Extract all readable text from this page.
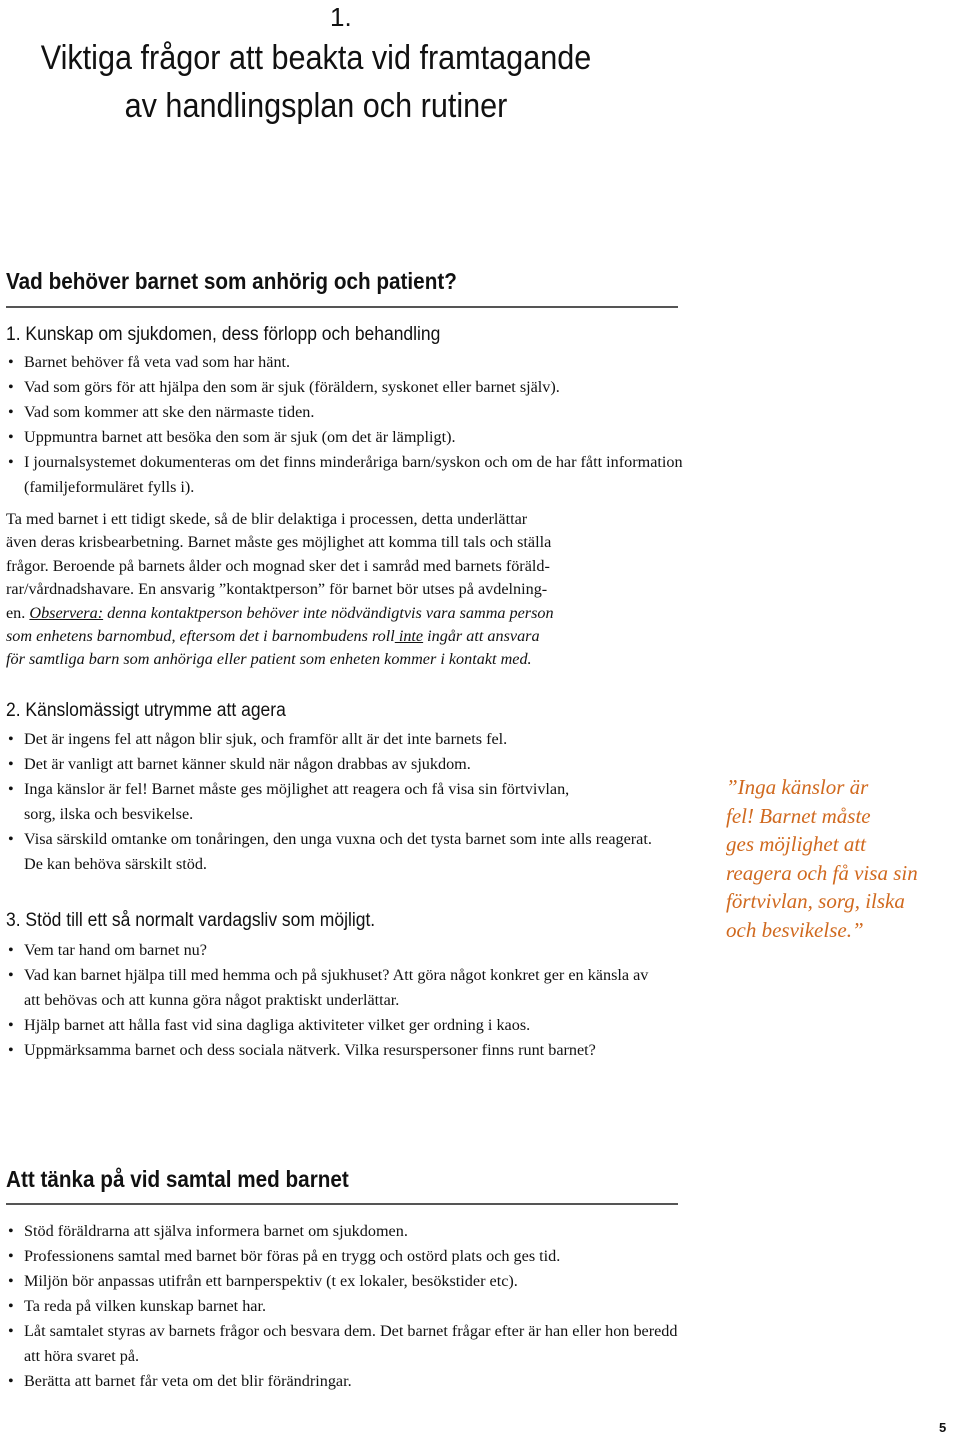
1.
Viktiga frågor att beakta vid framtagande
av handlingsplan och rutiner
Vad behöver barnet som anhörig och patient?
1. Kunskap om sjukdomen, dess förlopp och behandling
• Barnet behöver få veta vad som har hänt.
• Vad som görs för att hjälpa den som är sjuk (föräldern, syskonet eller barnet själv).
• Vad som kommer att ske den närmaste tiden.
• Uppmuntra barnet att besöka den som är sjuk (om det är lämpligt).
• I journalsystemet dokumenteras om det finns minderåriga barn/syskon och om de har fått information (familjeformuläret fylls i).
Ta med barnet i ett tidigt skede, så de blir delaktiga i processen, detta underlättar
även deras krisbearbetning. Barnet måste ges möjlighet att komma till tals och ställa
frågor. Beroende på barnets ålder och mognad sker det i samråd med barnets föräld-
rar/vårdnadshavare. En ansvarig ”kontaktperson” för barnet bör utses på avdelning-
en. Observera: denna kontaktperson behöver inte nödvändigtvis vara samma person
som enhetens barnombud, eftersom det i barnombudens roll inte ingår att ansvara
för samtliga barn som anhöriga eller patient som enheten kommer i kontakt med.
2. Känslomässigt utrymme att agera
• Det är ingens fel att någon blir sjuk, och framför allt är det inte barnets fel.
• Det är vanligt att barnet känner skuld när någon drabbas av sjukdom.
• Inga känslor är fel! Barnet måste ges möjlighet att reagera och få visa sin förtvivlan, sorg, ilska och besvikelse.
• Visa särskild omtanke om tonåringen, den unga vuxna och det tysta barnet som inte alls reagerat. De kan behöva särskilt stöd.
3. Stöd till ett så normalt vardagsliv som möjligt.
• Vem tar hand om barnet nu?
• Vad kan barnet hjälpa till med hemma och på sjukhuset? Att göra något konkret ger en känsla av att behövas och att kunna göra något praktiskt underlättar.
• Hjälp barnet att hålla fast vid sina dagliga aktiviteter vilket ger ordning i kaos.
• Uppmärksamma barnet och dess sociala nätverk. Vilka resurspersoner finns runt barnet?
”Inga känslor är
fel! Barnet måste
ges möjlighet att
reagera och få visa sin
förtvivlan, sorg, ilska
och besvikelse.”
Att tänka på vid samtal med barnet
• Stöd föräldrarna att själva informera barnet om sjukdomen.
• Professionens samtal med barnet bör föras på en trygg och ostörd plats och ges tid.
• Miljön bör anpassas utifrån ett barnperspektiv (t ex lokaler, besökstider etc).
• Ta reda på vilken kunskap barnet har.
• Låt samtalet styras av barnets frågor och besvara dem. Det barnet frågar efter är han eller hon beredd att höra svaret på.
• Berätta att barnet får veta om det blir förändringar.
5
